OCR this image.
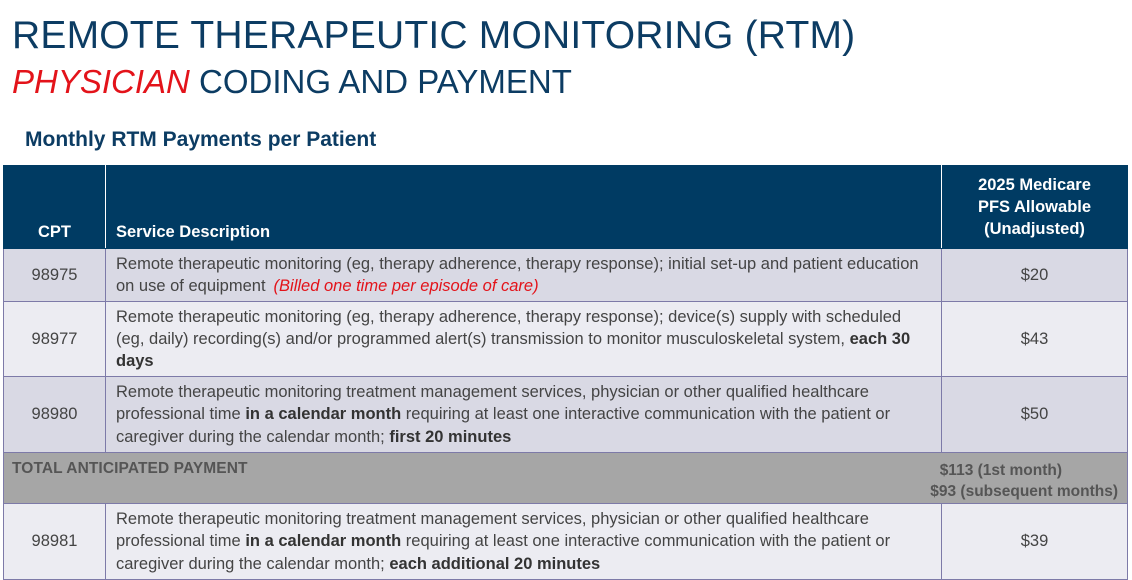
REMOTE THERAPEUTIC MONITORING (RTM)
PHYSICIAN CODING AND PAYMENT
Monthly RTM Payments per Patient
CPT	Service Description	2025 Medicare
PFS Allowable
(Unadjusted)

98975	Remote therapeutic monitoring (eg, therapy adherence, therapy response); initial set-up and patient education on use of equipment (Billed one time per episode of care)	$20
98977	Remote therapeutic monitoring (eg, therapy adherence, therapy response); device(s) supply with scheduled (eg, daily) recording(s) and/or programmed alert(s) transmission to monitor musculoskeletal system, each 30 days	$43
98980	Remote therapeutic monitoring treatment management services, physician or other qualified healthcare professional time in a calendar month requiring at least one interactive communication with the patient or caregiver during the calendar month; first 20 minutes	$50

TOTAL ANTICIPATED PAYMENT $113 (1st month)
$93 (subsequent months)		

98981	Remote therapeutic monitoring treatment management services, physician or other qualified healthcare professional time in a calendar month requiring at least one interactive communication with the patient or caregiver during the calendar month; each additional 20 minutes	$39
